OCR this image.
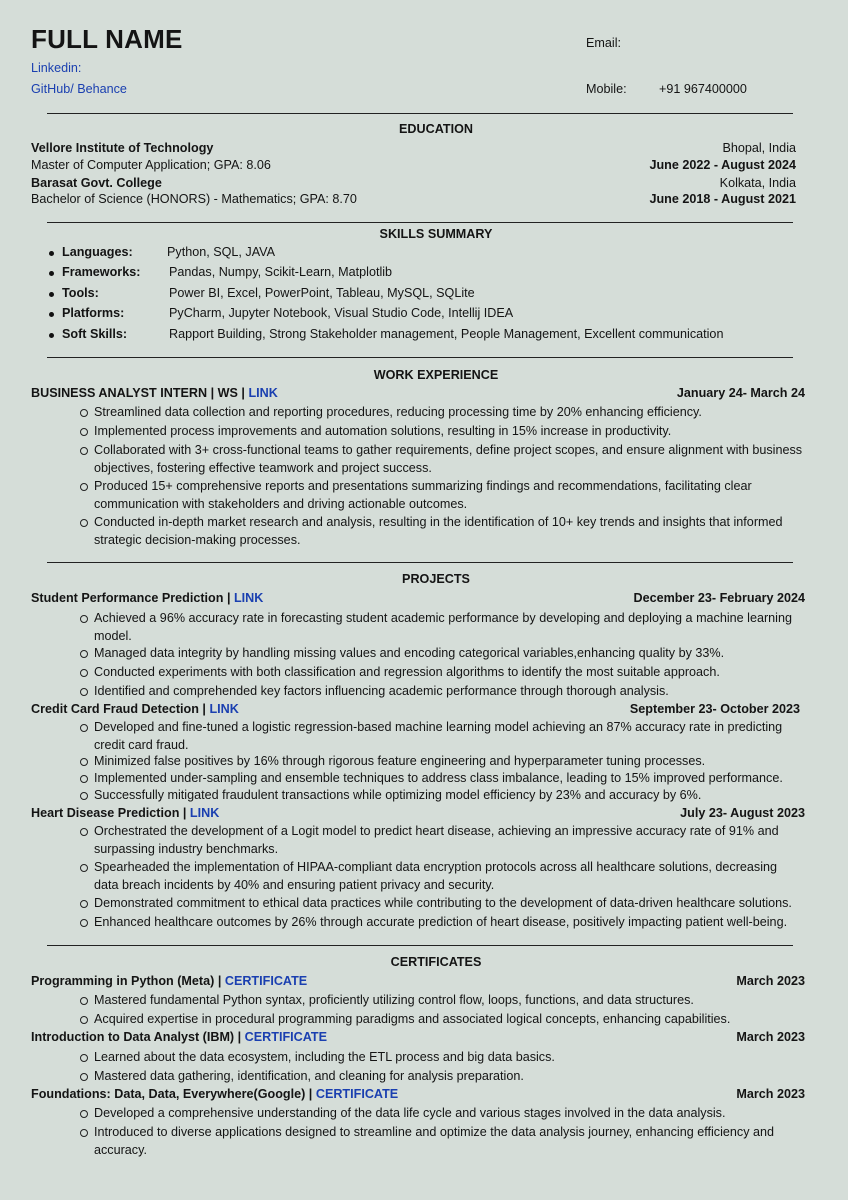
FULL NAME	Email:
Linkedin:
GitHub/ Behance	Mobile:	+91 967400000
EDUCATION
Vellore Institute of Technology	Bhopal, India
Master of Computer Application; GPA: 8.06	June 2022 - August 2024
Barasat Govt. College	Kolkata, India
Bachelor of Science (HONORS) - Mathematics; GPA: 8.70	June 2018 - August 2021
SKILLS SUMMARY
Languages:	Python, SQL, JAVA
Frameworks: Pandas, Numpy, Scikit-Learn, Matplotlib
Tools:	Power BI, Excel, PowerPoint, Tableau, MySQL, SQLite
Platforms:	PyCharm, Jupyter Notebook, Visual Studio Code, Intellij IDEA
Soft Skills:	Rapport Building, Strong Stakeholder management, People Management, Excellent communication
WORK EXPERIENCE
BUSINESS ANALYST INTERN | WS | LINK	January 24- March 24
Streamlined data collection and reporting procedures, reducing processing time by 20% enhancing efficiency.
Implemented process improvements and automation solutions, resulting in 15% increase in productivity.
Collaborated with 3+ cross-functional teams to gather requirements, define project scopes, and ensure alignment with business objectives, fostering effective teamwork and project success.
Produced 15+ comprehensive reports and presentations summarizing findings and recommendations, facilitating clear communication with stakeholders and driving actionable outcomes.
Conducted in-depth market research and analysis, resulting in the identification of 10+ key trends and insights that informed strategic decision-making processes.
PROJECTS
Student Performance Prediction | LINK	December 23- February 2024
Achieved a 96% accuracy rate in forecasting student academic performance by developing and deploying a machine learning model.
Managed data integrity by handling missing values and encoding categorical variables,enhancing quality by 33%.
Conducted experiments with both classification and regression algorithms to identify the most suitable approach.
Identified and comprehended key factors influencing academic performance through thorough analysis.
Credit Card Fraud Detection | LINK	September 23- October 2023
Developed and fine-tuned a logistic regression-based machine learning model achieving an 87% accuracy rate in predicting credit card fraud.
Minimized false positives by 16% through rigorous feature engineering and hyperparameter tuning processes.
Implemented under-sampling and ensemble techniques to address class imbalance, leading to 15% improved performance.
Successfully mitigated fraudulent transactions while optimizing model efficiency by 23% and accuracy by 6%.
Heart Disease Prediction | LINK	July 23- August 2023
Orchestrated the development of a Logit model to predict heart disease, achieving an impressive accuracy rate of 91% and surpassing industry benchmarks.
Spearheaded the implementation of HIPAA-compliant data encryption protocols across all healthcare solutions, decreasing data breach incidents by 40% and ensuring patient privacy and security.
Demonstrated commitment to ethical data practices while contributing to the development of data-driven healthcare solutions.
Enhanced healthcare outcomes by 26% through accurate prediction of heart disease, positively impacting patient well-being.
CERTIFICATES
Programming in Python (Meta) | CERTIFICATE	March 2023
Mastered fundamental Python syntax, proficiently utilizing control flow, loops, functions, and data structures.
Acquired expertise in procedural programming paradigms and associated logical concepts, enhancing capabilities.
Introduction to Data Analyst (IBM) | CERTIFICATE	March 2023
Learned about the data ecosystem, including the ETL process and big data basics.
Mastered data gathering, identification, and cleaning for analysis preparation.
Foundations: Data, Data, Everywhere(Google) | CERTIFICATE	March 2023
Developed a comprehensive understanding of the data life cycle and various stages involved in the data analysis.
Introduced to diverse applications designed to streamline and optimize the data analysis journey, enhancing efficiency and accuracy.
